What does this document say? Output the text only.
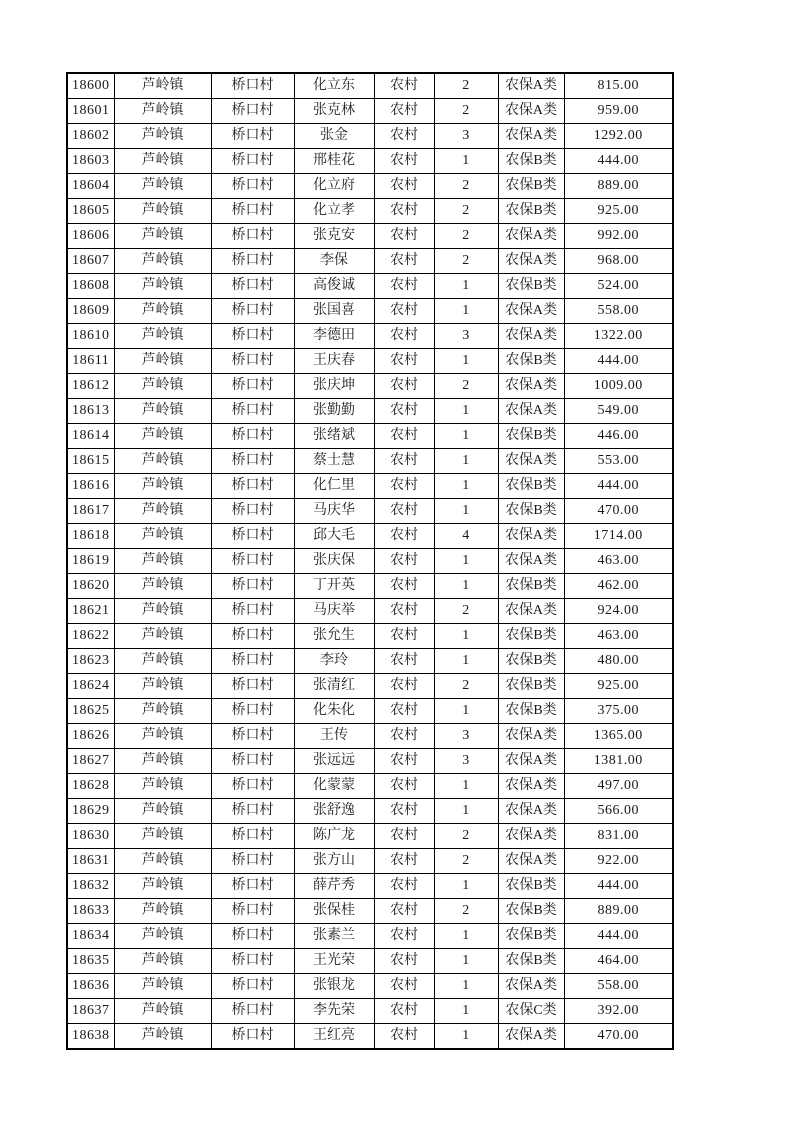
18600	芦岭镇	桥口村	化立东	农村	2	农保A类	815.00
18601	芦岭镇	桥口村	张克林	农村	2	农保A类	959.00
18602	芦岭镇	桥口村	张金	农村	3	农保A类	1292.00
18603	芦岭镇	桥口村	邢桂花	农村	1	农保B类	444.00
18604	芦岭镇	桥口村	化立府	农村	2	农保B类	889.00
18605	芦岭镇	桥口村	化立孝	农村	2	农保B类	925.00
18606	芦岭镇	桥口村	张克安	农村	2	农保A类	992.00
18607	芦岭镇	桥口村	李保	农村	2	农保A类	968.00
18608	芦岭镇	桥口村	高俊诚	农村	1	农保B类	524.00
18609	芦岭镇	桥口村	张国喜	农村	1	农保A类	558.00
18610	芦岭镇	桥口村	李德田	农村	3	农保A类	1322.00
18611	芦岭镇	桥口村	王庆春	农村	1	农保B类	444.00
18612	芦岭镇	桥口村	张庆坤	农村	2	农保A类	1009.00
18613	芦岭镇	桥口村	张勤勤	农村	1	农保A类	549.00
18614	芦岭镇	桥口村	张绪斌	农村	1	农保B类	446.00
18615	芦岭镇	桥口村	蔡士慧	农村	1	农保A类	553.00
18616	芦岭镇	桥口村	化仁里	农村	1	农保B类	444.00
18617	芦岭镇	桥口村	马庆华	农村	1	农保B类	470.00
18618	芦岭镇	桥口村	邱大毛	农村	4	农保A类	1714.00
18619	芦岭镇	桥口村	张庆保	农村	1	农保A类	463.00
18620	芦岭镇	桥口村	丁开英	农村	1	农保B类	462.00
18621	芦岭镇	桥口村	马庆举	农村	2	农保A类	924.00
18622	芦岭镇	桥口村	张允生	农村	1	农保B类	463.00
18623	芦岭镇	桥口村	李玲	农村	1	农保B类	480.00
18624	芦岭镇	桥口村	张清红	农村	2	农保B类	925.00
18625	芦岭镇	桥口村	化朱化	农村	1	农保B类	375.00
18626	芦岭镇	桥口村	王传	农村	3	农保A类	1365.00
18627	芦岭镇	桥口村	张远远	农村	3	农保A类	1381.00
18628	芦岭镇	桥口村	化蒙蒙	农村	1	农保A类	497.00
18629	芦岭镇	桥口村	张舒逸	农村	1	农保A类	566.00
18630	芦岭镇	桥口村	陈广龙	农村	2	农保A类	831.00
18631	芦岭镇	桥口村	张方山	农村	2	农保A类	922.00
18632	芦岭镇	桥口村	薛芹秀	农村	1	农保B类	444.00
18633	芦岭镇	桥口村	张保桂	农村	2	农保B类	889.00
18634	芦岭镇	桥口村	张素兰	农村	1	农保B类	444.00
18635	芦岭镇	桥口村	王光荣	农村	1	农保B类	464.00
18636	芦岭镇	桥口村	张银龙	农村	1	农保A类	558.00
18637	芦岭镇	桥口村	李先荣	农村	1	农保C类	392.00
18638	芦岭镇	桥口村	王红亮	农村	1	农保A类	470.00
